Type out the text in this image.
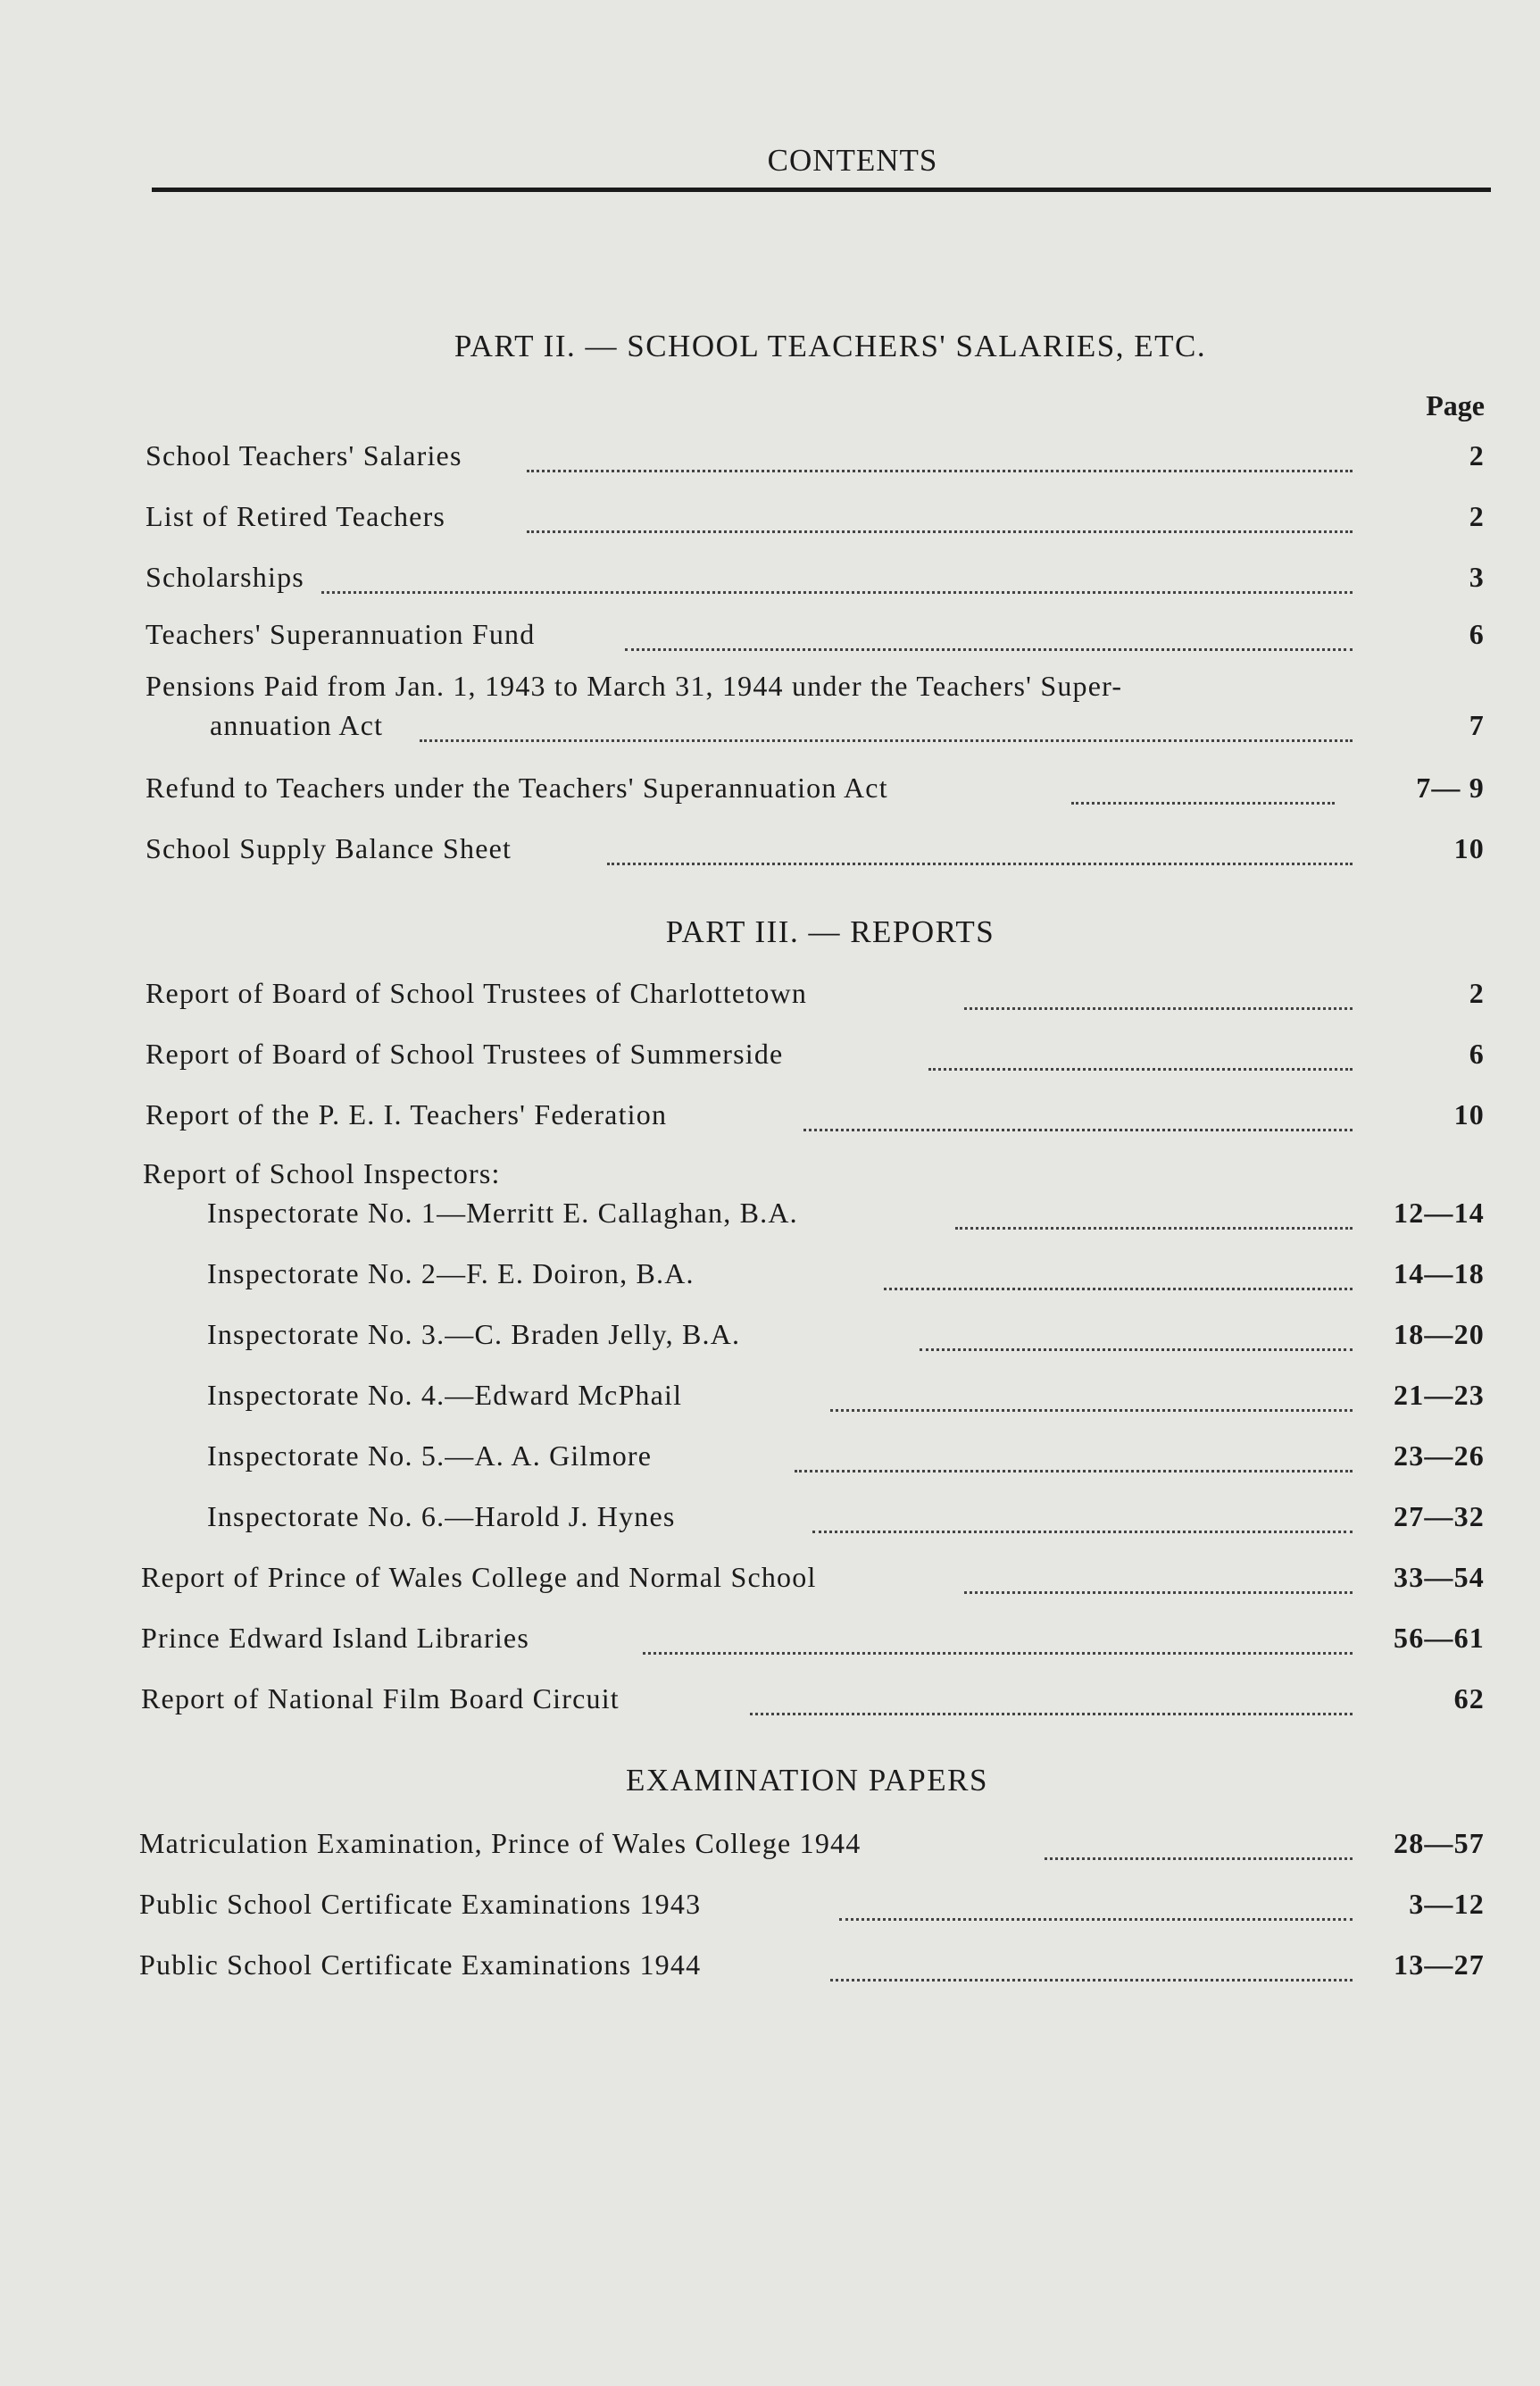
CONTENTS
PART II. — SCHOOL TEACHERS' SALARIES, ETC.
Page
School Teachers' Salaries	2
List of Retired Teachers	2
Scholarships	3
Teachers' Superannuation Fund	6
Pensions Paid from Jan. 1, 1943 to March 31, 1944 under the Teachers' Super-
annuation Act	7
Refund to Teachers under the Teachers' Superannuation Act	7— 9
School Supply Balance Sheet	10
PART III. — REPORTS
Report of Board of School Trustees of Charlottetown	2
Report of Board of School Trustees of Summerside	6
Report of the P. E. I. Teachers' Federation	10
Report of School Inspectors:
Inspectorate No. 1—Merritt E. Callaghan, B.A.	12—14
Inspectorate No. 2—F. E. Doiron, B.A.	14—18
Inspectorate No. 3.—C. Braden Jelly, B.A.	18—20
Inspectorate No. 4.—Edward McPhail	21—23
Inspectorate No. 5.—A. A. Gilmore	23—26
Inspectorate No. 6.—Harold J. Hynes	27—32
Report of Prince of Wales College and Normal School	33—54
Prince Edward Island Libraries	56—61
Report of National Film Board Circuit	62
EXAMINATION PAPERS
Matriculation Examination, Prince of Wales College 1944	28—57
Public School Certificate Examinations 1943	3—12
Public School Certificate Examinations 1944	13—27
